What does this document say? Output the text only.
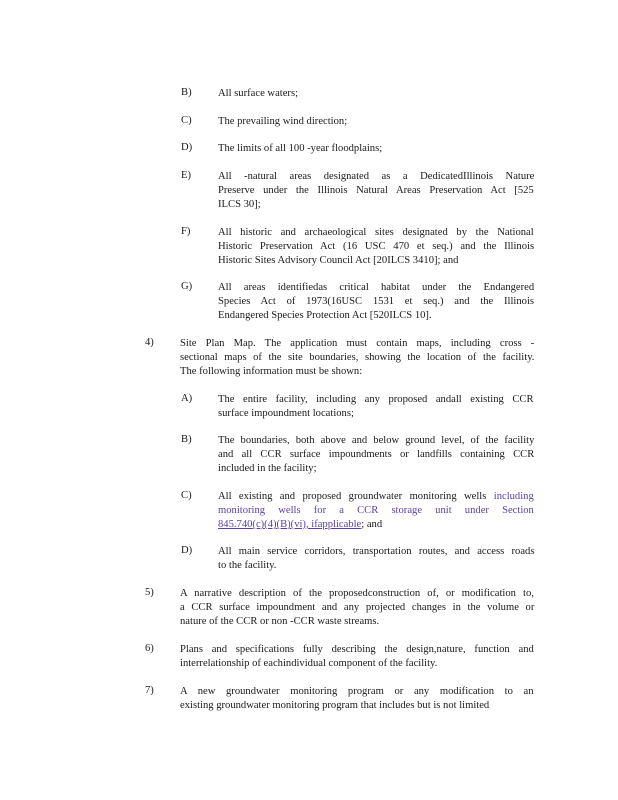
B) All surface waters;
C) The prevailing wind direction;
D) The limits of all 100 -year floodplains;
E)	All -natural areas designated as a DedicatedIllinois Nature
Preserve under the Illinois Natural Areas Preservation Act [525
ILCS 30];
F)	All historic and archaeological sites designated by the National
Historic Preservation Act (16 USC 470 et seq.) and the Illinois
Historic Sites Advisory Council Act [20ILCS 3410]; and
G) All areas identifiedas critical habitat under the Endangered
Species Act of 1973(16USC 1531 et seq.) and the Illinois
Endangered Species Protection Act [520ILCS 10].
4) Site Plan Map. The application must contain maps, including cross -
sectional maps of the site boundaries, showing the location of the facility.
The following information must be shown:
A) The entire facility, including any proposed andall existing CCR
surface impoundment locations;
B) The boundaries, both above and below ground level, of the facility
and all CCR surface impoundments or landfills containing CCR
included in the facility;
C) All existing and proposed groundwater monitoring wells including
monitoring wells for a CCR storage unit under Section
845.740(c)(4)(B)(vi), ifapplicable; and
D) All main service corridors, transportation routes, and access roads
to the facility.
5) A narrative description of the proposedconstruction of, or modification to,
a CCR surface impoundment and any projected changes in the volume or
nature of the CCR or non -CCR waste streams.
6) Plans and specifications fully describing the design,nature, function and
interrelationship of eachindividual component of the facility.
7) A new groundwater monitoring program or any modification to an
existing groundwater monitoring program that includes but is not limited
